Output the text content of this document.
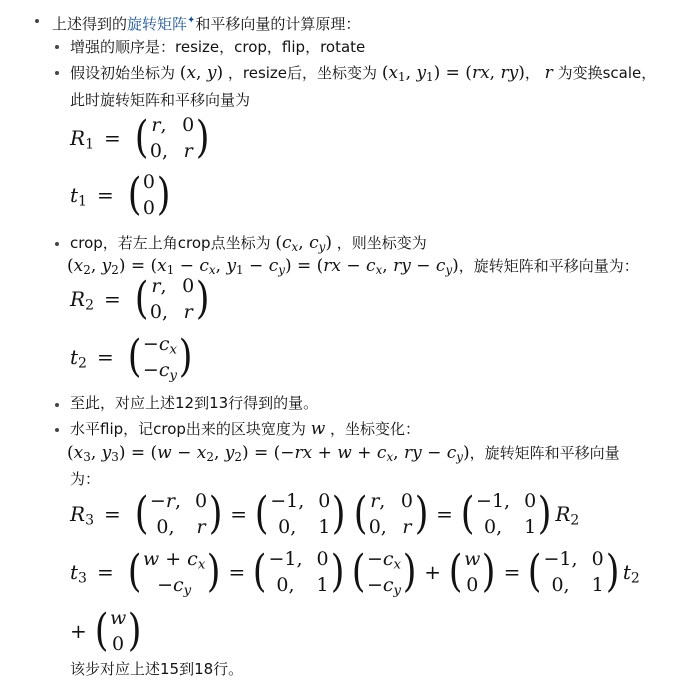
上述得到的旋转矩阵✦和平移向量的计算原理：
增强的顺序是：resize，crop，flip，rotate
假设初始坐标为 (x, y) ，resize后，坐标变为 ($x_1$, $y_1) = (rx$, ry)， r 为变换scale，
此时旋转矩阵和平移向量为
$R_1$ = ( r, 0
0, r )
$t_1$ = ( 0
0 )
crop，若左上角crop点坐标为 ($c_x$, $c_y$) ，则坐标变为
($x_2$, $y_2) = (x_1 - c_x$, $y_1 - c_y) = (rx - c_x$, ry − $c_y$)，旋转矩阵和平移向量为：
$R_2$ = ( r, 0
0, r )
$t_2$ = ( $-c_x$
$-c_y$ )
至此，对应上述12到13行得到的量。
水平flip，记crop出来的区块宽度为 w ，坐标变化：
($x_3$, $y_3) = (w - x_2$, $y_2) = (-rx + w + c_x$, ry − $c_y$)，旋转矩阵和平移向量
为：
$R_3$ = ( −r, 0
0,	r ) = ( −1, 0
0,	1 ) ( r, 0
0, r ) = ( −1, 0
0,	1 ) $R_2$
$t_3$ = ( $w + c_x$
$-c_y$ ) = ( −1, 0
0,	1 ) ( $-c_x$
$-c_y$ ) + ( w
0 ) = ( −1, 0
0,	1 ) $t_2$
+ ( w
0 )
该步对应上述15到18行。
